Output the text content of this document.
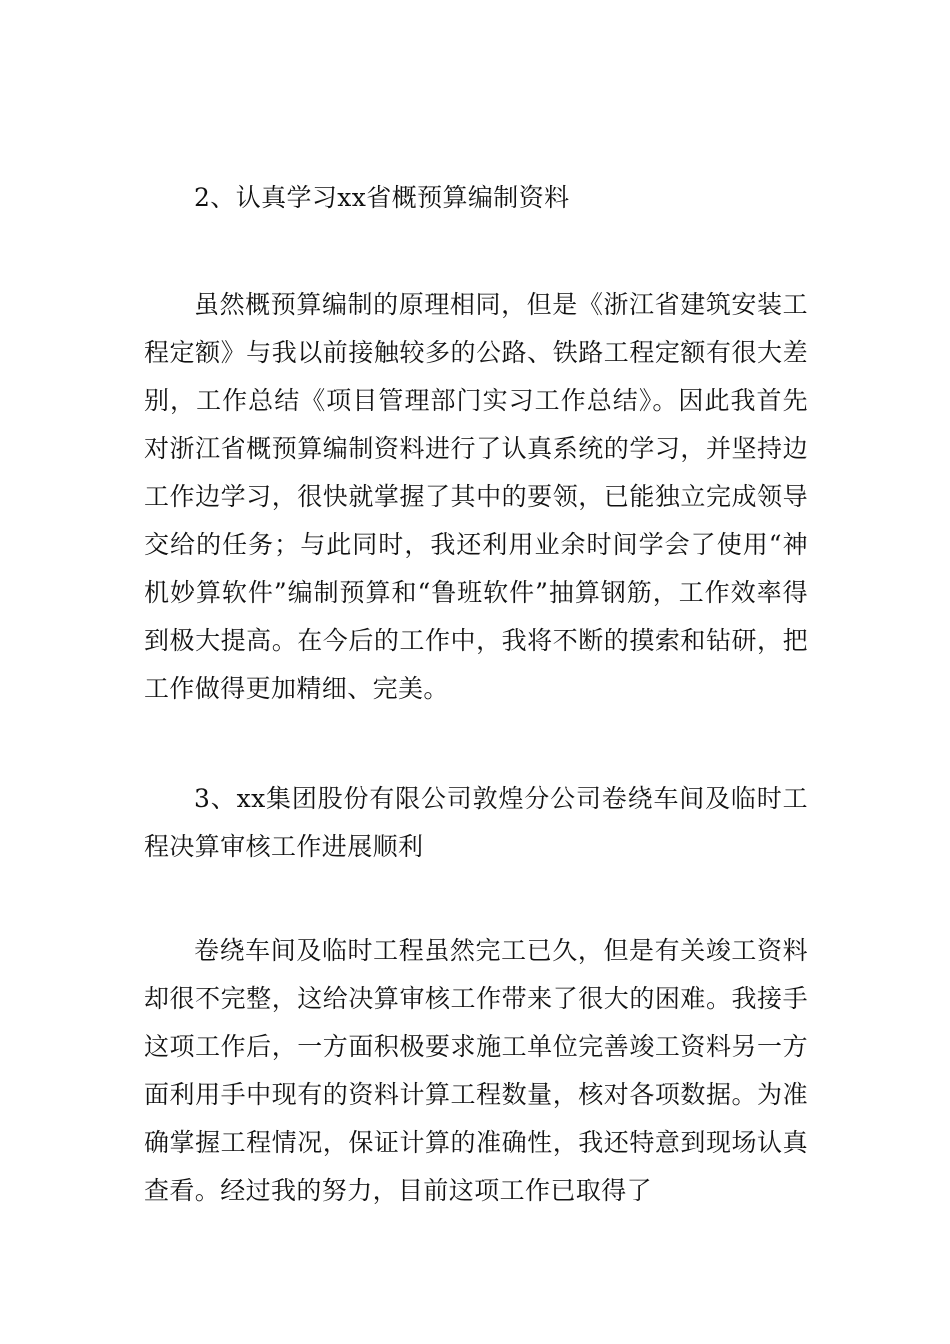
2、认真学习xx省概预算编制资料

虽然概预算编制的原理相同，但是《浙江省建筑安装工程定额》与我以前接触较多的公路、铁路工程定额有很大差别，工作总结《项目管理部门实习工作总结》。因此我首先对浙江省概预算编制资料进行了认真系统的学习，并坚持边工作边学习，很快就掌握了其中的要领，已能独立完成领导交给的任务；与此同时，我还利用业余时间学会了使用“神机妙算软件”编制预算和“鲁班软件”抽算钢筋，工作效率得到极大提高。在今后的工作中，我将不断的摸索和钻研，把工作做得更加精细、完美。

3、xx集团股份有限公司敦煌分公司卷绕车间及临时工程决算审核工作进展顺利

卷绕车间及临时工程虽然完工已久，但是有关竣工资料却很不完整，这给决算审核工作带来了很大的困难。我接手这项工作后，一方面积极要求施工单位完善竣工资料另一方面利用手中现有的资料计算工程数量，核对各项数据。为准确掌握工程情况，保证计算的准确性，我还特意到现场认真查看。经过我的努力，目前这项工作已取得了
